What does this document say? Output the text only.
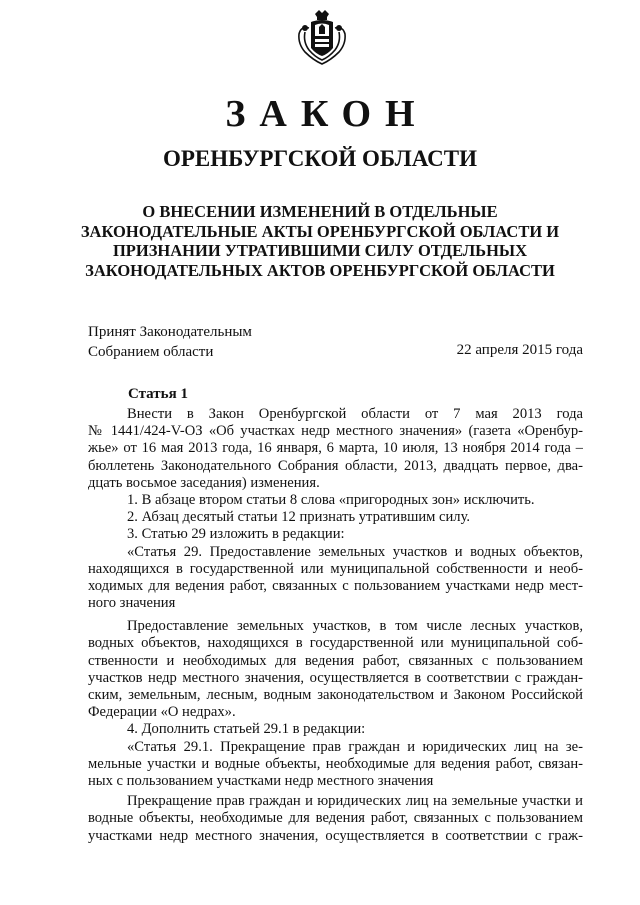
ЗАКОН
ОРЕНБУРГСКОЙ ОБЛАСТИ
О ВНЕСЕНИИ ИЗМЕНЕНИЙ В ОТДЕЛЬНЫЕ
ЗАКОНОДАТЕЛЬНЫЕ АКТЫ ОРЕНБУРГСКОЙ ОБЛАСТИ И
ПРИЗНАНИИ УТРАТИВШИМИ СИЛУ ОТДЕЛЬНЫХ
ЗАКОНОДАТЕЛЬНЫХ АКТОВ ОРЕНБУРГСКОЙ ОБЛАСТИ
Принят Законодательным
Собранием области	22 апреля 2015 года
Статья 1
Внести в Закон Оренбургской области от 7 мая 2013 года
№ 1441/424-V-ОЗ «Об участках недр местного значения» (газета «Оренбур-
жье» от 16 мая 2013 года, 16 января, 6 марта, 10 июля, 13 ноября 2014 года –
бюллетень Законодательного Собрания области, 2013, двадцать первое, два-
дцать восьмое заседания) изменения.
1. В абзаце втором статьи 8 слова «пригородных зон» исключить.
2. Абзац десятый статьи 12 признать утратившим силу.
3. Статью 29 изложить в редакции:
«Статья 29. Предоставление земельных участков и водных объектов,
находящихся в государственной или муниципальной собственности и необ-
ходимых для ведения работ, связанных с пользованием участками недр мест-
ного значения
Предоставление земельных участков, в том числе лесных участков,
водных объектов, находящихся в государственной или муниципальной соб-
ственности и необходимых для ведения работ, связанных с пользованием
участков недр местного значения, осуществляется в соответствии с граждан-
ским, земельным, лесным, водным законодательством и Законом Российской
Федерации «О недрах».
4. Дополнить статьей 29.1 в редакции:
«Статья 29.1. Прекращение прав граждан и юридических лиц на зе-
мельные участки и водные объекты, необходимые для ведения работ, связан-
ных с пользованием участками недр местного значения
Прекращение прав граждан и юридических лиц на земельные участки и
водные объекты, необходимые для ведения работ, связанных с пользованием
участками недр местного значения, осуществляется в соответствии с граж-
